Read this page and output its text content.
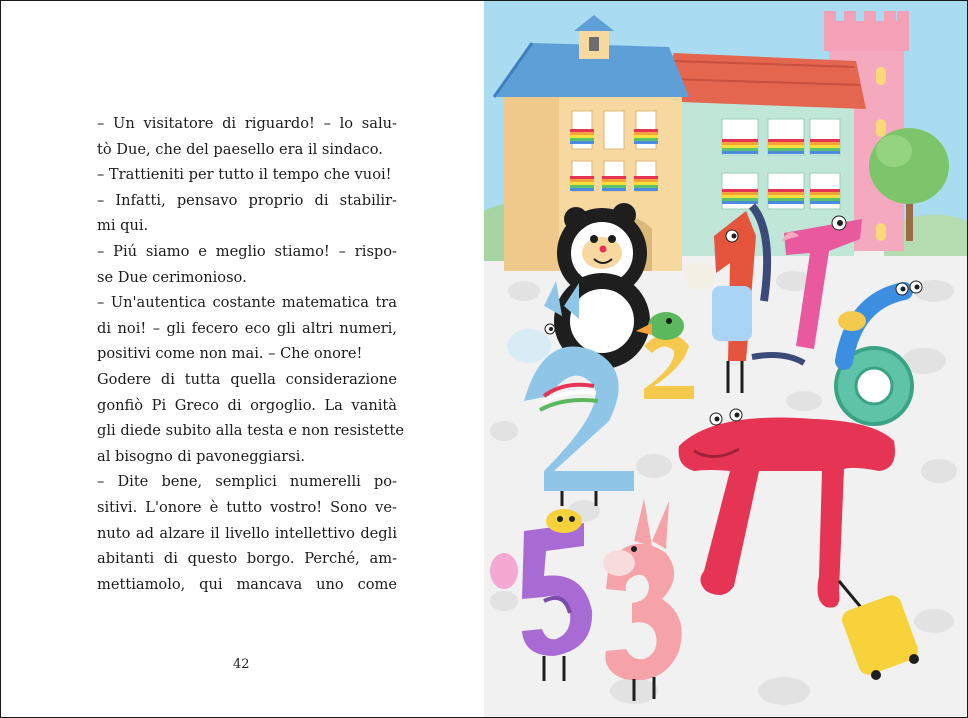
– Un visitatore di riguardo! – lo salu-
tò Due, che del paesello era il sindaco.
– Trattieniti per tutto il tempo che vuoi!
– Infatti, pensavo proprio di stabilir-
mi qui.
– Piú siamo e meglio stiamo! – rispo-
se Due cerimonioso.
– Un'autentica costante matematica tra
di noi! – gli fecero eco gli altri numeri,
positivi come non mai. – Che onore!
Godere di tutta quella considerazione
gonfiò Pi Greco di orgoglio. La vanità
gli diede subito alla testa e non resistette
al bisogno di pavoneggiarsi.
– Dite bene, semplici numerelli po-
sitivi. L'onore è tutto vostro! Sono ve-
nuto ad alzare il livello intellettivo degli
abitanti di questo borgo. Perché, am-
mettiamolo, qui mancava uno come
42
